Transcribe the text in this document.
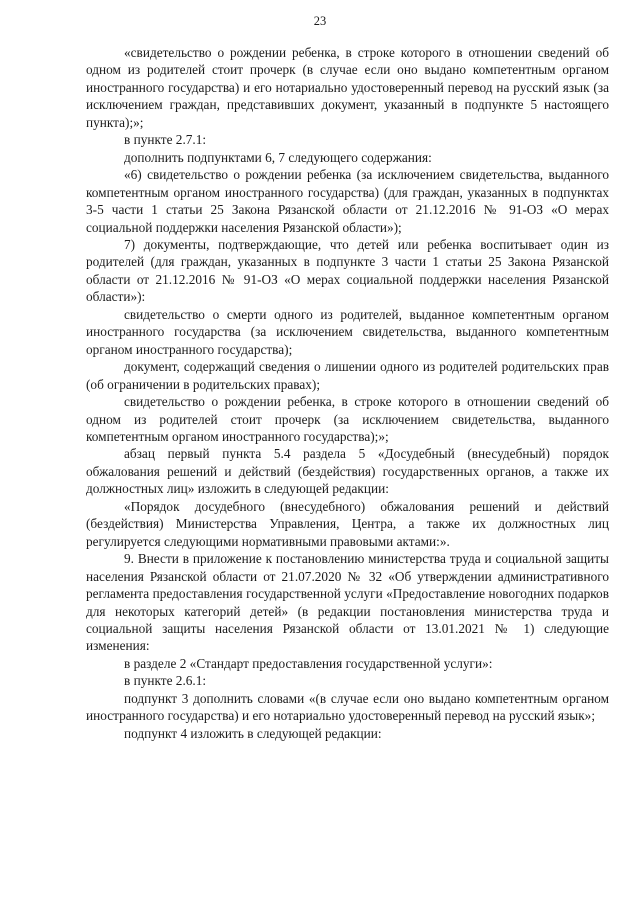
23

«свидетельство о рождении ребенка, в строке которого в отношении сведений об одном из родителей стоит прочерк (в случае если оно выдано компетентным органом иностранного государства) и его нотариально удостоверенный перевод на русский язык (за исключением граждан, представивших документ, указанный в подпункте 5 настоящего пункта);»;

в пункте 2.7.1:

дополнить подпунктами 6, 7 следующего содержания:

«6) свидетельство о рождении ребенка (за исключением свидетельства, выданного компетентным органом иностранного государства) (для граждан, указанных в подпунктах 3-5 части 1 статьи 25 Закона Рязанской области от 21.12.2016 № 91-ОЗ «О мерах социальной поддержки населения Рязанской области»);

7) документы, подтверждающие, что детей или ребенка воспитывает один из родителей (для граждан, указанных в подпункте 3 части 1 статьи 25 Закона Рязанской области от 21.12.2016 № 91-ОЗ «О мерах социальной поддержки населения Рязанской области»):

свидетельство о смерти одного из родителей, выданное компетентным органом иностранного государства (за исключением свидетельства, выданного компетентным органом иностранного государства);

документ, содержащий сведения о лишении одного из родителей родительских прав (об ограничении в родительских правах);

свидетельство о рождении ребенка, в строке которого в отношении сведений об одном из родителей стоит прочерк (за исключением свидетельства, выданного компетентным органом иностранного государства);»;

абзац первый пункта 5.4 раздела 5 «Досудебный (внесудебный) порядок обжалования решений и действий (бездействия) государственных органов, а также их должностных лиц» изложить в следующей редакции:

«Порядок досудебного (внесудебного) обжалования решений и действий (бездействия) Министерства Управления, Центра, а также их должностных лиц регулируется следующими нормативными правовыми актами:».

9. Внести в приложение к постановлению министерства труда и социальной защиты населения Рязанской области от 21.07.2020 № 32 «Об утверждении административного регламента предоставления государственной услуги «Предоставление новогодних подарков для некоторых категорий детей» (в редакции постановления министерства труда и социальной защиты населения Рязанской области от 13.01.2021 № 1) следующие изменения:

в разделе 2 «Стандарт предоставления государственной услуги»:

в пункте 2.6.1:

подпункт 3 дополнить словами «(в случае если оно выдано компетентным органом иностранного государства) и его нотариально удостоверенный перевод на русский язык»;

подпункт 4 изложить в следующей редакции:
